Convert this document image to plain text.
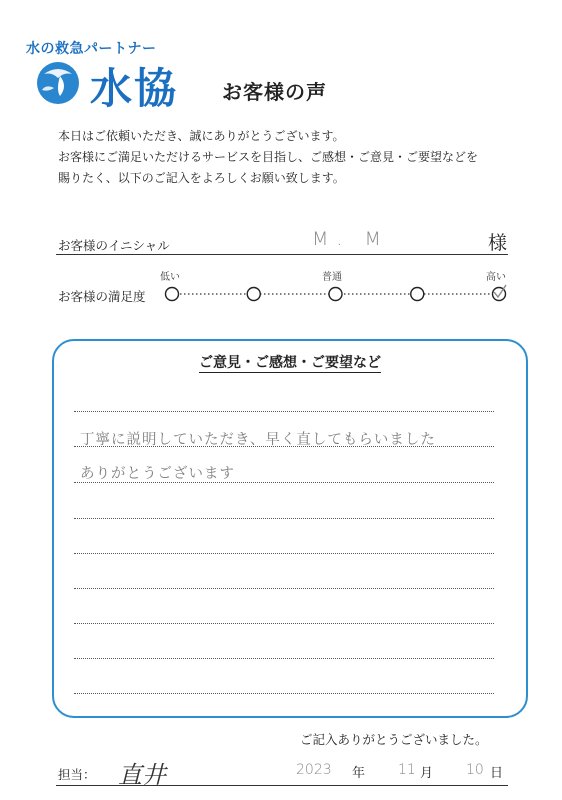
水の救急パートナー
水協 お客様の声
本日はご依頼いただき、誠にありがとうございます。
お客様にご満足いただけるサービスを目指し、ご感想・ご意見・ご要望などを
賜りたく、以下のご記入をよろしくお願い致します。
お客様のイニシャル	M. M	様
低い	普通	高い
お客様の満足度
ご意見・ご感想・ご要望など
丁寧に説明していただき、早く直してもらいました
ありがとうございます
ご記入ありがとうございました。
担当： 直井	2023 年 11 月 10 日
